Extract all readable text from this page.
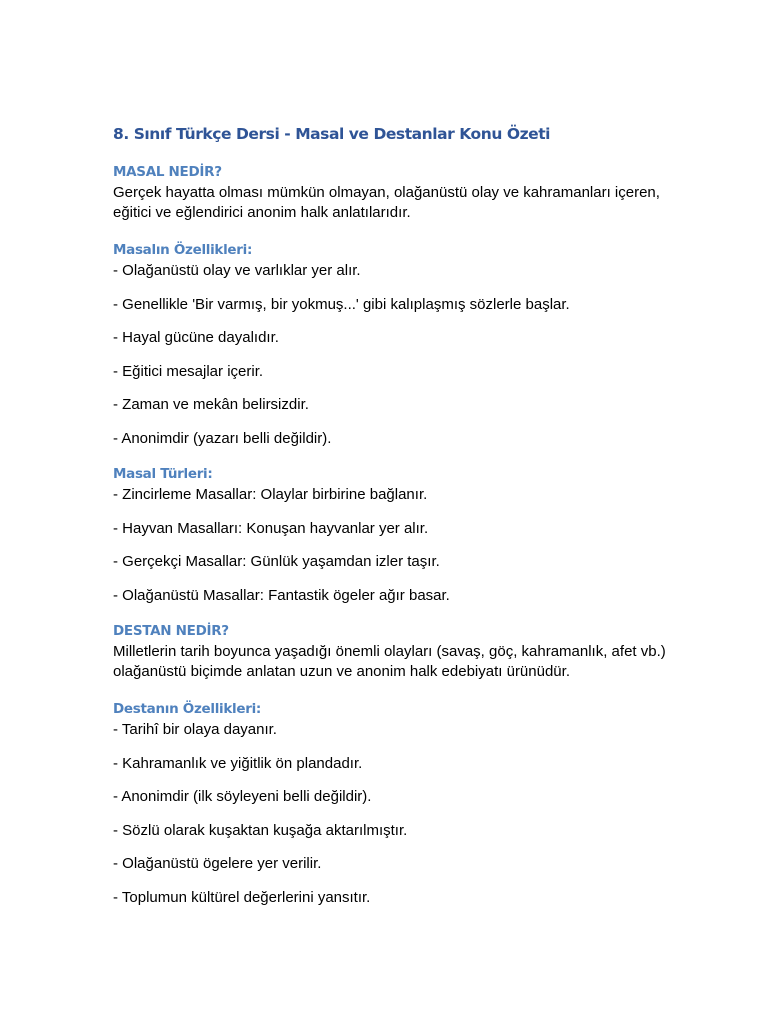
8. Sınıf Türkçe Dersi - Masal ve Destanlar Konu Özeti
MASAL NEDİR?

Gerçek hayatta olması mümkün olmayan, olağanüstü olay ve kahramanları içeren, eğitici ve eğlendirici anonim halk anlatılarıdır.

Masalın Özellikleri:

- Olağanüstü olay ve varlıklar yer alır.

- Genellikle 'Bir varmış, bir yokmuş...' gibi kalıplaşmış sözlerle başlar.

- Hayal gücüne dayalıdır.

- Eğitici mesajlar içerir.

- Zaman ve mekân belirsizdir.

- Anonimdir (yazarı belli değildir).

Masal Türleri:

- Zincirleme Masallar: Olaylar birbirine bağlanır.

- Hayvan Masalları: Konuşan hayvanlar yer alır.

- Gerçekçi Masallar: Günlük yaşamdan izler taşır.

- Olağanüstü Masallar: Fantastik ögeler ağır basar.

DESTAN NEDİR?

Milletlerin tarih boyunca yaşadığı önemli olayları (savaş, göç, kahramanlık, afet vb.) olağanüstü biçimde anlatan uzun ve anonim halk edebiyatı ürünüdür.

Destanın Özellikleri:

- Tarihî bir olaya dayanır.

- Kahramanlık ve yiğitlik ön plandadır.

- Anonimdir (ilk söyleyeni belli değildir).

- Sözlü olarak kuşaktan kuşağa aktarılmıştır.

- Olağanüstü ögelere yer verilir.

- Toplumun kültürel değerlerini yansıtır.
